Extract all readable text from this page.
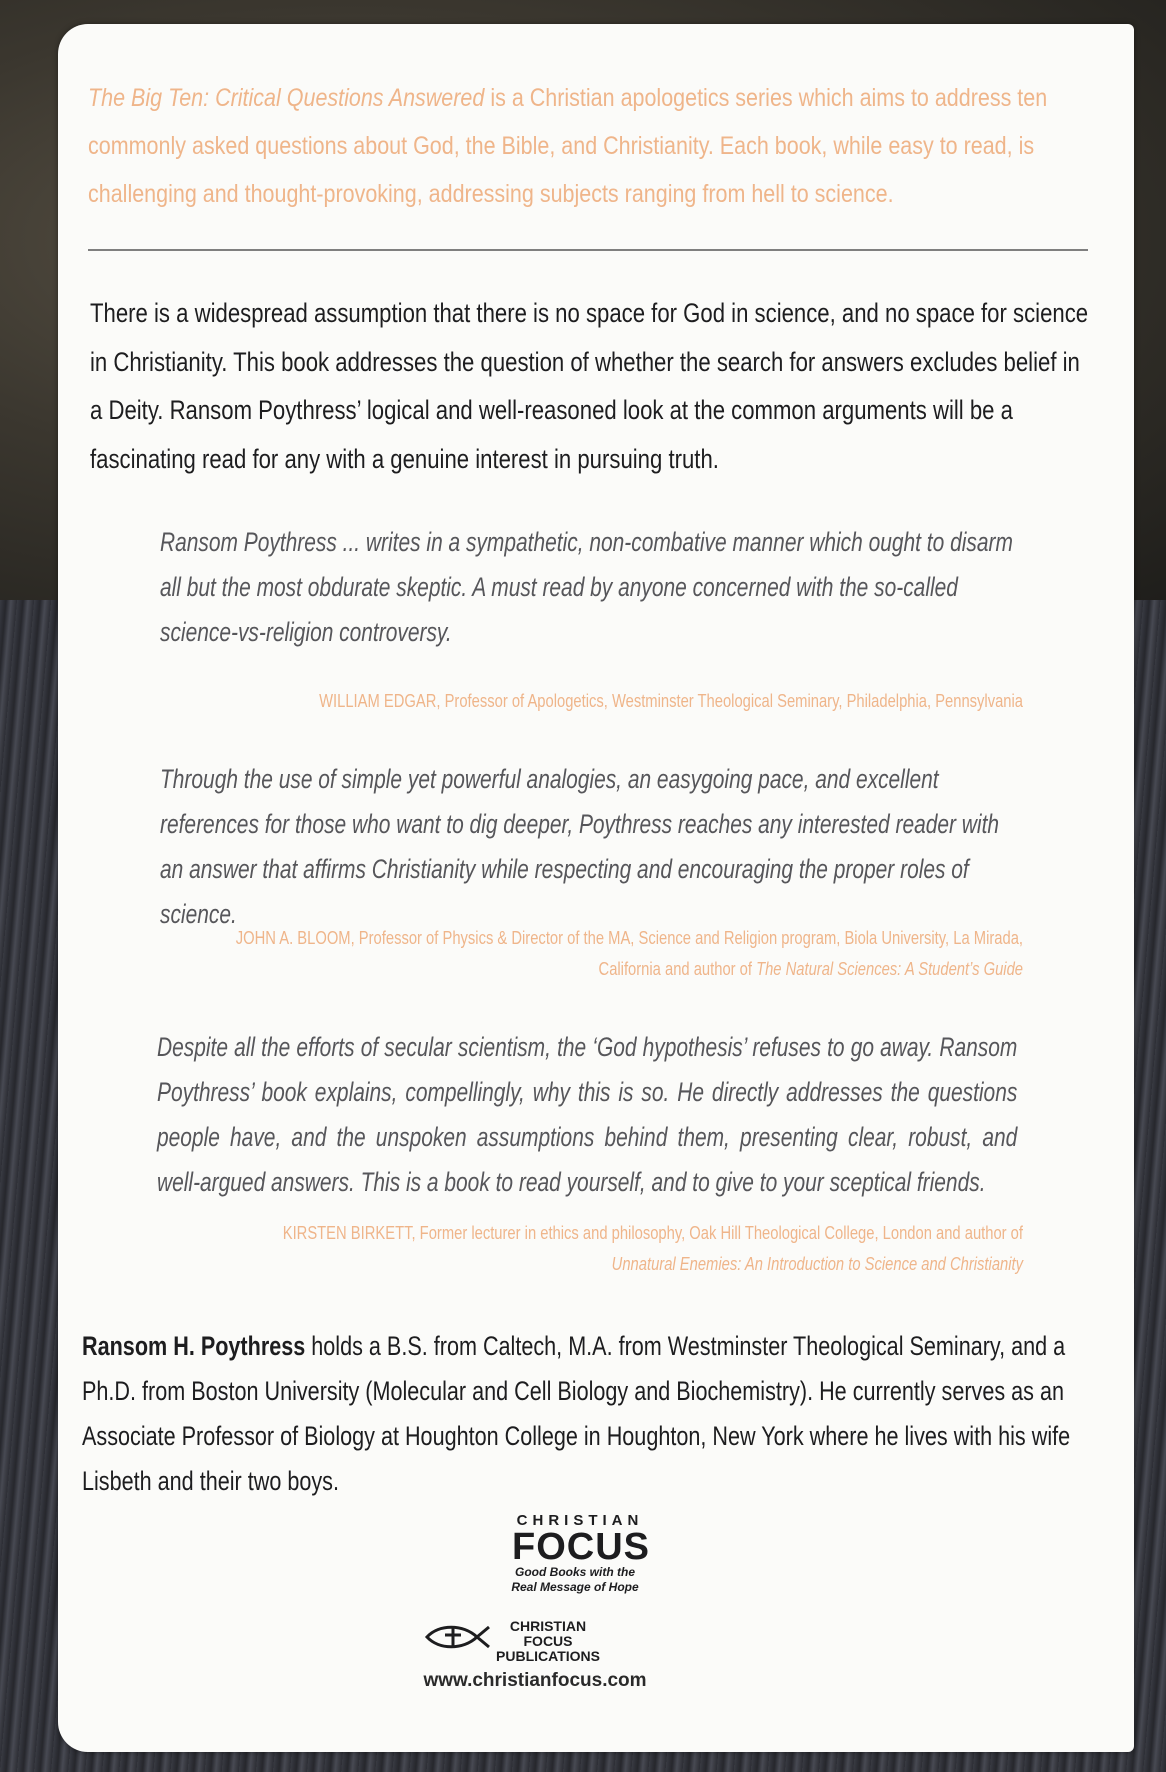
The Big Ten: Critical Questions Answered is a Christian apologetics series which aims to address ten commonly asked questions about God, the Bible, and Christianity. Each book, while easy to read, is challenging and thought-provoking, addressing subjects ranging from hell to science.
There is a widespread assumption that there is no space for God in science, and no space for science in Christianity. This book addresses the question of whether the search for answers excludes belief in a Deity. Ransom Poythress’ logical and well-reasoned look at the common arguments will be a fascinating read for any with a genuine interest in pursuing truth.
Ransom Poythress ... writes in a sympathetic, non-combative manner which ought to disarm all but the most obdurate skeptic. A must read by anyone concerned with the so-called science-vs-religion controversy.
WILLIAM EDGAR, Professor of Apologetics, Westminster Theological Seminary, Philadelphia, Pennsylvania
Through the use of simple yet powerful analogies, an easygoing pace, and excellent references for those who want to dig deeper, Poythress reaches any interested reader with an answer that affirms Christianity while respecting and encouraging the proper roles of science.
JOHN A. BLOOM, Professor of Physics & Director of the MA, Science and Religion program, Biola University, La Mirada,
California and author of The Natural Sciences: A Student’s Guide
Despite all the efforts of secular scientism, the ‘God hypothesis’ refuses to go away. Ransom Poythress’ book explains, compellingly, why this is so. He directly addresses the questions people have, and the unspoken assumptions behind them, presenting clear, robust, and well-argued answers. This is a book to read yourself, and to give to your sceptical friends.
KIRSTEN BIRKETT, Former lecturer in ethics and philosophy, Oak Hill Theological College, London and author of
Unnatural Enemies: An Introduction to Science and Christianity
Ransom H. Poythress holds a B.S. from Caltech, M.A. from Westminster Theological Seminary, and a Ph.D. from Boston University (Molecular and Cell Biology and Biochemistry). He currently serves as an Associate Professor of Biology at Houghton College in Houghton, New York where he lives with his wife Lisbeth and their two boys.
CHRISTIAN
FOCUS
Good Books with the
Real Message of Hope
CHRISTIAN FOCUS
PUBLICATIONS
www.christianfocus.com
